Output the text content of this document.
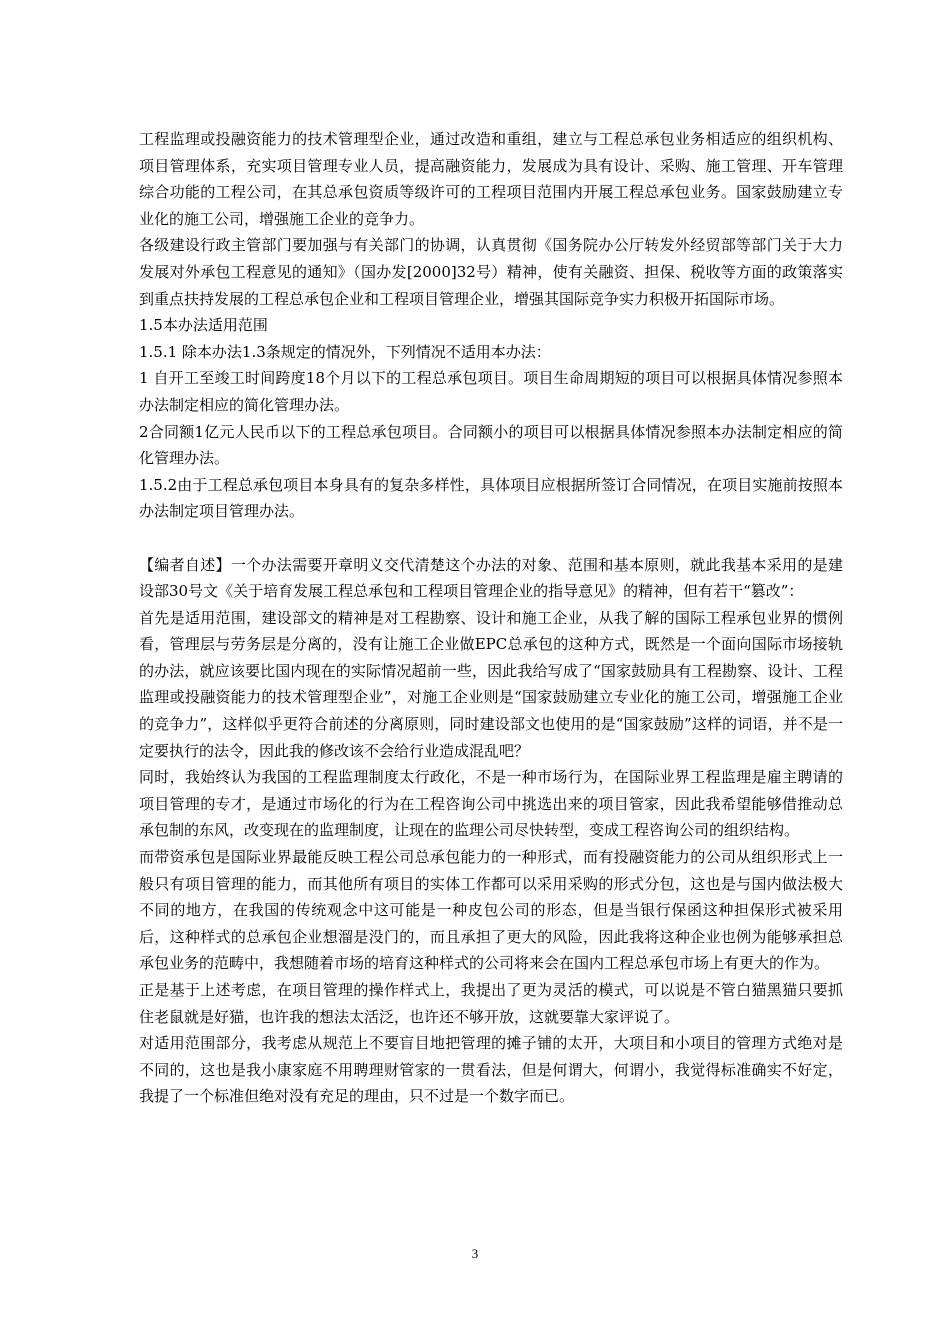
工程监理或投融资能力的技术管理型企业，通过改造和重组，建立与工程总承包业务相适应的组织机构、项目管理体系，充实项目管理专业人员，提高融资能力，发展成为具有设计、采购、施工管理、开车管理综合功能的工程公司，在其总承包资质等级许可的工程项目范围内开展工程总承包业务。国家鼓励建立专业化的施工公司，增强施工企业的竞争力。

各级建设行政主管部门要加强与有关部门的协调，认真贯彻《国务院办公厅转发外经贸部等部门关于大力发展对外承包工程意见的通知》（国办发[2000]32号）精神，使有关融资、担保、税收等方面的政策落实到重点扶持发展的工程总承包企业和工程项目管理企业，增强其国际竞争实力积极开拓国际市场。

1.5本办法适用范围

1.5.1 除本办法1.3条规定的情况外，下列情况不适用本办法：

1 自开工至竣工时间跨度18个月以下的工程总承包项目。项目生命周期短的项目可以根据具体情况参照本办法制定相应的简化管理办法。

2合同额1亿元人民币以下的工程总承包项目。合同额小的项目可以根据具体情况参照本办法制定相应的简化管理办法。

1.5.2由于工程总承包项目本身具有的复杂多样性，具体项目应根据所签订合同情况，在项目实施前按照本办法制定项目管理办法。

【编者自述】一个办法需要开章明义交代清楚这个办法的对象、范围和基本原则，就此我基本采用的是建设部30号文《关于培育发展工程总承包和工程项目管理企业的指导意见》的精神，但有若干“篡改”：

首先是适用范围，建设部文的精神是对工程勘察、设计和施工企业，从我了解的国际工程承包业界的惯例看，管理层与劳务层是分离的，没有让施工企业做EPC总承包的这种方式，既然是一个面向国际市场接轨的办法，就应该要比国内现在的实际情况超前一些，因此我给写成了“国家鼓励具有工程勘察、设计、工程监理或投融资能力的技术管理型企业”，对施工企业则是“国家鼓励建立专业化的施工公司，增强施工企业的竞争力”，这样似乎更符合前述的分离原则，同时建设部文也使用的是“国家鼓励”这样的词语，并不是一定要执行的法令，因此我的修改该不会给行业造成混乱吧？

同时，我始终认为我国的工程监理制度太行政化，不是一种市场行为，在国际业界工程监理是雇主聘请的项目管理的专才，是通过市场化的行为在工程咨询公司中挑选出来的项目管家，因此我希望能够借推动总承包制的东风，改变现在的监理制度，让现在的监理公司尽快转型，变成工程咨询公司的组织结构。

而带资承包是国际业界最能反映工程公司总承包能力的一种形式，而有投融资能力的公司从组织形式上一般只有项目管理的能力，而其他所有项目的实体工作都可以采用采购的形式分包，这也是与国内做法极大不同的地方，在我国的传统观念中这可能是一种皮包公司的形态，但是当银行保函这种担保形式被采用后，这种样式的总承包企业想溜是没门的，而且承担了更大的风险，因此我将这种企业也例为能够承担总承包业务的范畴中，我想随着市场的培育这种样式的公司将来会在国内工程总承包市场上有更大的作为。

正是基于上述考虑，在项目管理的操作样式上，我提出了更为灵活的模式，可以说是不管白猫黑猫只要抓住老鼠就是好猫，也许我的想法太活泛，也许还不够开放，这就要靠大家评说了。

对适用范围部分，我考虑从规范上不要盲目地把管理的摊子铺的太开，大项目和小项目的管理方式绝对是不同的，这也是我小康家庭不用聘理财管家的一贯看法，但是何谓大，何谓小，我觉得标准确实不好定，我提了一个标准但绝对没有充足的理由，只不过是一个数字而已。

3
